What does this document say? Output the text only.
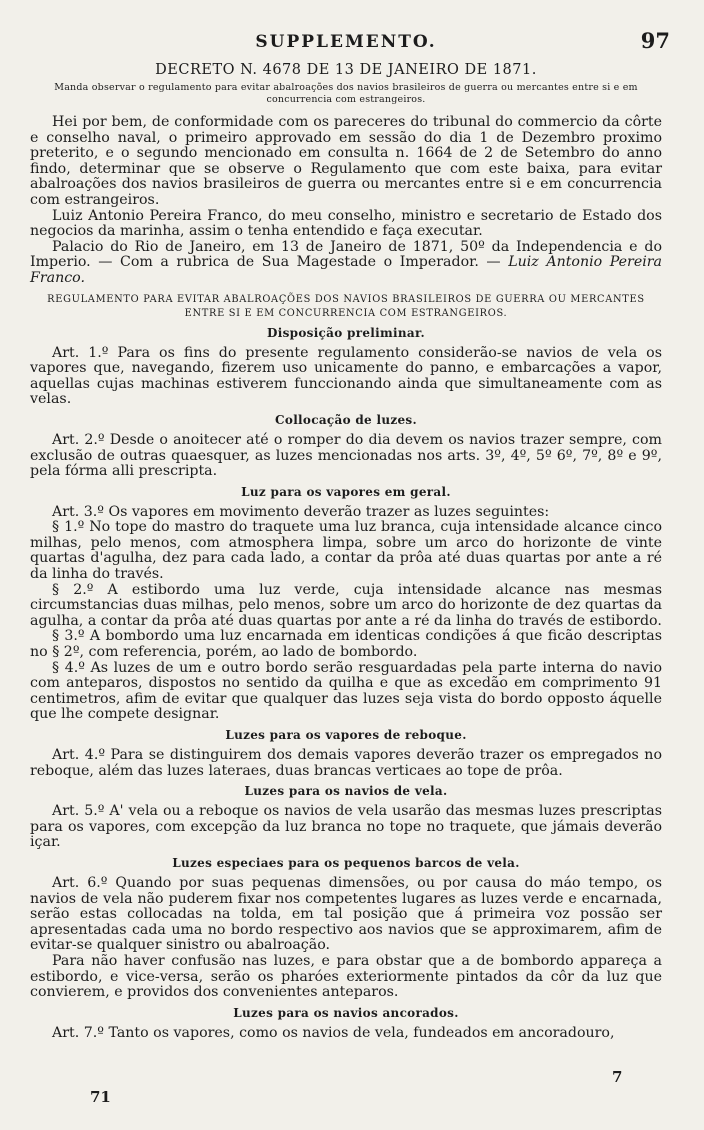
SUPPLEMENTO.	97
DECRETO N. 4678 DE 13 DE JANEIRO DE 1871.
Manda observar o regulamento para evitar abalroações dos navios brasileiros de guerra ou mercantes entre si e em concurrencia com estrangeiros.

Hei por bem, de conformidade com os pareceres do tribunal do commercio da côrte e conselho naval, o primeiro approvado em sessão do dia 1 de Dezembro proximo preterito, e o segundo mencionado em consulta n. 1664 de 2 de Setembro do anno findo, determinar que se observe o Regulamento que com este baixa, para evitar abalroações dos navios brasileiros de guerra ou mercantes entre si e em concurrencia com estrangeiros.

Luiz Antonio Pereira Franco, do meu conselho, ministro e secretario de Estado dos negocios da marinha, assim o tenha entendido e faça executar.

Palacio do Rio de Janeiro, em 13 de Janeiro de 1871, 50º da Independencia e do Imperio. — Com a rubrica de Sua Magestade o Imperador. — Luiz Antonio Pereira Franco.

REGULAMENTO PARA EVITAR ABALROAÇÕES DOS NAVIOS BRASILEIROS DE GUERRA OU MERCANTES ENTRE SI E EM CONCURRENCIA COM ESTRANGEIROS.
Disposição preliminar.

Art. 1.º Para os fins do presente regulamento considerão-se navios de vela os vapores que, navegando, fizerem uso unicamente do panno, e embarcações a vapor, aquellas cujas machinas estiverem funccionando ainda que simultaneamente com as velas.

Collocação de luzes.

Art. 2.º Desde o anoitecer até o romper do dia devem os navios trazer sempre, com exclusão de outras quaesquer, as luzes mencionadas nos arts. 3º, 4º, 5º 6º, 7º, 8º e 9º, pela fórma alli prescripta.

Luz para os vapores em geral.

Art. 3.º Os vapores em movimento deverão trazer as luzes seguintes:

§ 1.º No tope do mastro do traquete uma luz branca, cuja intensidade alcance cinco milhas, pelo menos, com atmosphera limpa, sobre um arco do horizonte de vinte quartas d'agulha, dez para cada lado, a contar da prôa até duas quartas por ante a ré da linha do través.

§ 2.º A estibordo uma luz verde, cuja intensidade alcance nas mesmas circumstancias duas milhas, pelo menos, sobre um arco do horizonte de dez quartas da agulha, a contar da prôa até duas quartas por ante a ré da linha do través de estibordo.

§ 3.º A bombordo uma luz encarnada em identicas condições á que ficão descriptas no § 2º, com referencia, porém, ao lado de bombordo.

§ 4.º As luzes de um e outro bordo serão resguardadas pela parte interna do navio com anteparos, dispostos no sentido da quilha e que as excedão em comprimento 91 centimetros, afim de evitar que qualquer das luzes seja vista do bordo opposto áquelle que lhe compete designar.

Luzes para os vapores de reboque.

Art. 4.º Para se distinguirem dos demais vapores deverão trazer os empregados no reboque, além das luzes lateraes, duas brancas verticaes ao tope de prôa.

Luzes para os navios de vela.

Art. 5.º A' vela ou a reboque os navios de vela usarão das mesmas luzes prescriptas para os vapores, com excepção da luz branca no tope no traquete, que jámais deverão içar.

Luzes especiaes para os pequenos barcos de vela.

Art. 6.º Quando por suas pequenas dimensões, ou por causa do máo tempo, os navios de vela não puderem fixar nos competentes lugares as luzes verde e encarnada, serão estas collocadas na tolda, em tal posição que á primeira voz possão ser apresentadas cada uma no bordo respectivo aos navios que se approximarem, afim de evitar-se qualquer sinistro ou abalroação.

Para não haver confusão nas luzes, e para obstar que a de bombordo appareça a estibordo, e vice-versa, serão os pharóes exteriormente pintados da côr da luz que convierem, e providos dos convenientes anteparos.

Luzes para os navios ancorados.

Art. 7.º Tanto os vapores, como os navios de vela, fundeados em ancoradouro,

71
7
